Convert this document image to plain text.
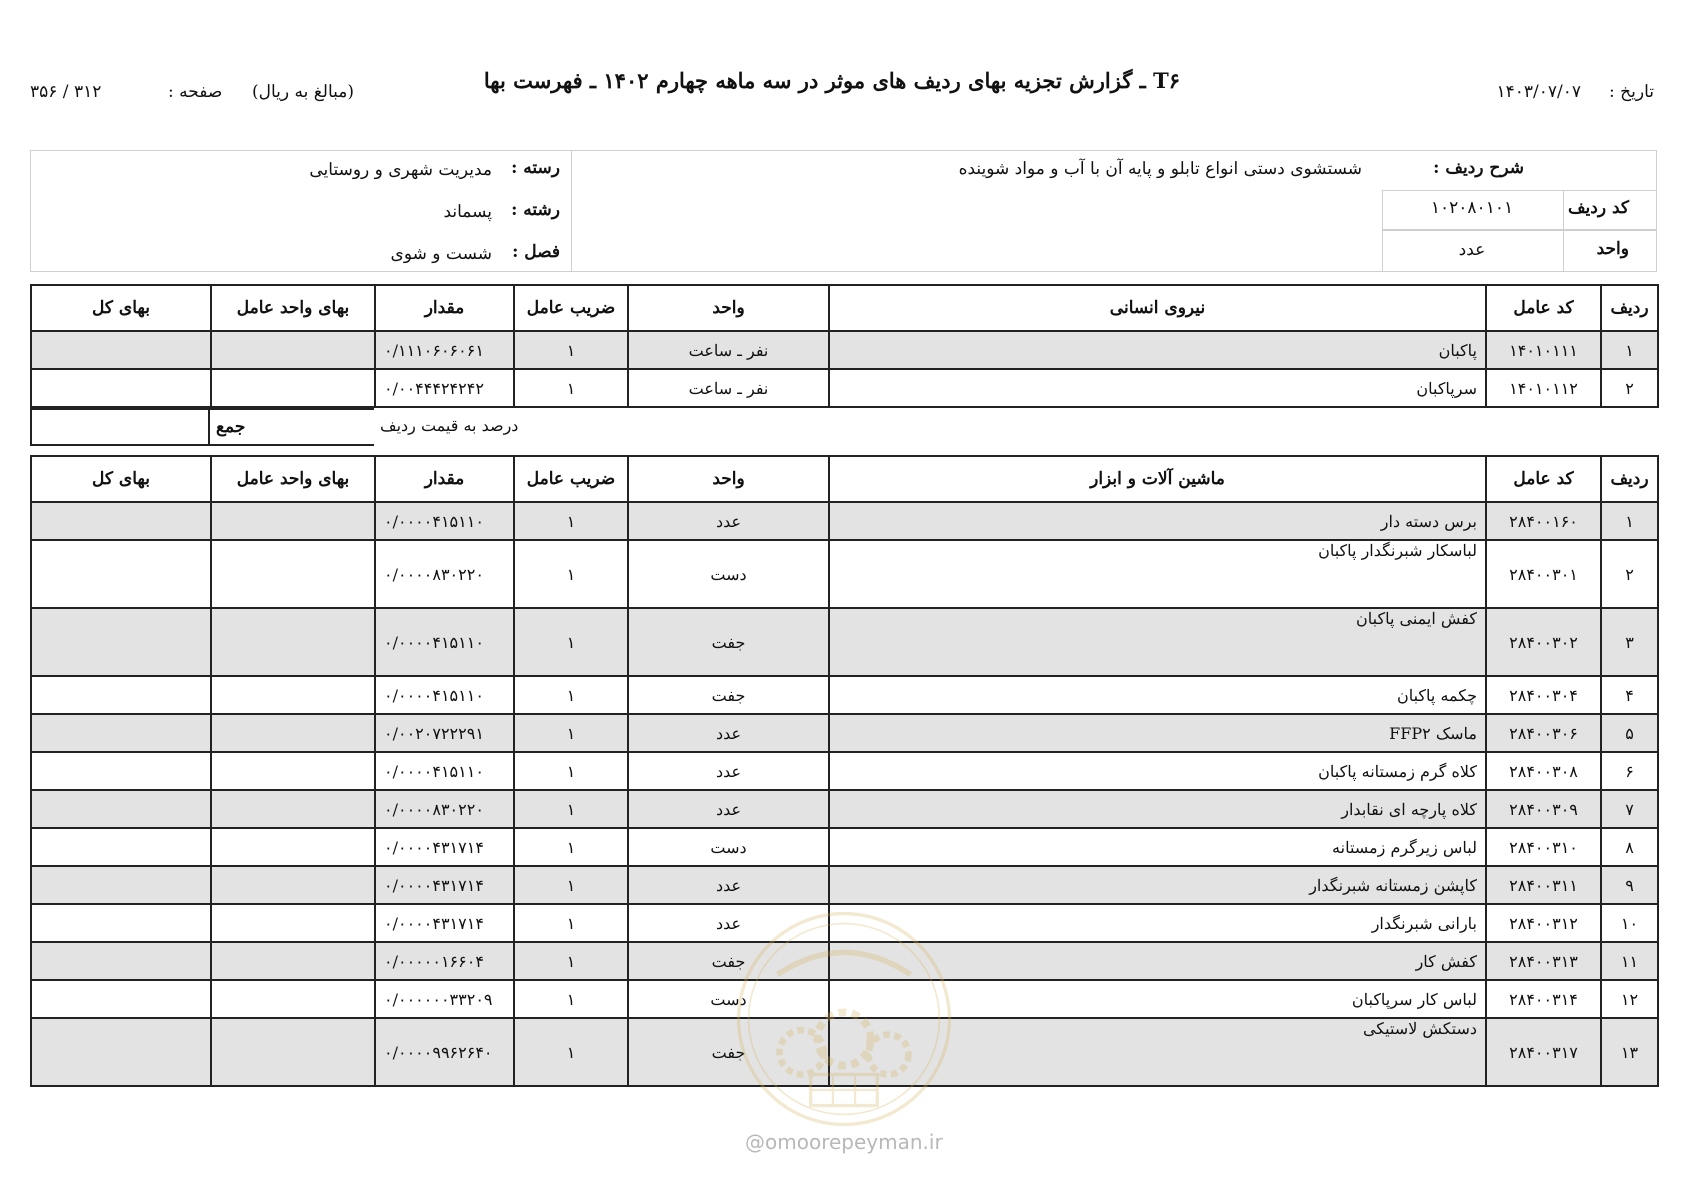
تاریخ :
۱۴۰۳/۰۷/۰۷
T۶ ـ گزارش تجزیه بهای ردیف های موثر در سه ماهه چهارم ۱۴۰۲ ـ فهرست بها
(مبالغ به ریال)
صفحه :
۳۱۲ / ۳۵۶
شرح ردیف :
شستشوی دستی انواع تابلو و پایه آن با آب و مواد شوینده
کد ردیف
۱۰۲۰۸۰۱۰۱
واحد
عدد
رسته :
مدیریت شهری و روستایی
رشته :
پسماند
فصل :
شست و شوی
ردیف	کد عامل	نیروی انسانی	واحد	ضریب عامل	مقدار	بهای واحد عامل	بهای کل
۱	۱۴۰۱۰۱۱۱	پاکبان	نفر ـ ساعت	۱	۰/۱۱۱۰۶۰۶۰۶۱		
۲	۱۴۰۱۰۱۱۲	سرپاکبان	نفر ـ ساعت	۱	۰/۰۰۴۴۴۲۴۲۴۲		
جمع	درصد به قیمت ردیف
ردیف	کد عامل	ماشین آلات و ابزار	واحد	ضریب عامل	مقدار	بهای واحد عامل	بهای کل
۱	۲۸۴۰۰۱۶۰	برس دسته دار	عدد	۱	۰/۰۰۰۰۴۱۵۱۱۰		
۲	۲۸۴۰۰۳۰۱	لباسکار شبرنگدار پاکبان	دست	۱	۰/۰۰۰۰۸۳۰۲۲۰		
۳	۲۸۴۰۰۳۰۲	کفش ایمنی پاکبان	جفت	۱	۰/۰۰۰۰۴۱۵۱۱۰		
۴	۲۸۴۰۰۳۰۴	چکمه پاکبان	جفت	۱	۰/۰۰۰۰۴۱۵۱۱۰		
۵	۲۸۴۰۰۳۰۶	ماسک FFP۲	عدد	۱	۰/۰۰۲۰۷۲۲۲۹۱		
۶	۲۸۴۰۰۳۰۸	کلاه گرم زمستانه پاکبان	عدد	۱	۰/۰۰۰۰۴۱۵۱۱۰		
۷	۲۸۴۰۰۳۰۹	کلاه پارچه ای نقابدار	عدد	۱	۰/۰۰۰۰۸۳۰۲۲۰		
۸	۲۸۴۰۰۳۱۰	لباس زیرگرم زمستانه	دست	۱	۰/۰۰۰۰۴۳۱۷۱۴		
۹	۲۸۴۰۰۳۱۱	کاپشن زمستانه شبرنگدار	عدد	۱	۰/۰۰۰۰۴۳۱۷۱۴		
۱۰	۲۸۴۰۰۳۱۲	بارانی شبرنگدار	عدد	۱	۰/۰۰۰۰۴۳۱۷۱۴		
۱۱	۲۸۴۰۰۳۱۳	کفش کار	جفت	۱	۰/۰۰۰۰۰۱۶۶۰۴		
۱۲	۲۸۴۰۰۳۱۴	لباس کار سرپاکبان	دست	۱	۰/۰۰۰۰۰۰۳۳۲۰۹		
۱۳	۲۸۴۰۰۳۱۷	دستکش لاستیکی	جفت	۱	۰/۰۰۰۰۹۹۶۲۶۴۰		
@omoorepeyman.ir
